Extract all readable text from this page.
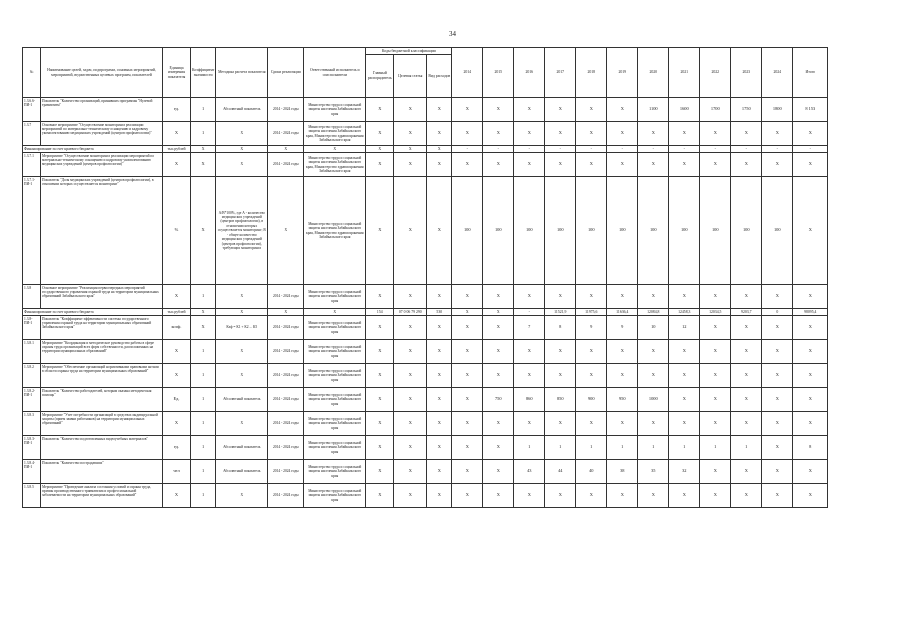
34
№	Наименование целей, задач, подпрограмм, основных мероприятий, мероприятий, ведомственных целевых программ, показателей	Единица измерения показателя	Коэффициент значимости	Методика расчета показателя	Сроки реализации	Ответственный исполнитель и соисполнители	Коды бюджетной классификации			2014	2015	2016	2017	2018	2019	2020	2021	2022	2023	2024	Итого
							Главный распорядитель	Целевая статья	Вид расходов												
1.3.6.6-ПИ-1	Показатель "Количество организаций, принявших программы "Нулевой травматизм"	ед.	1	Абсолютный показатель	2014 - 2024 годы	Министерство труда и социальной защиты населения Забайкальского края	X	X	X	X	X	X	X	X	X	1100	1600	1700	1750	1800	8 153
1.3.7	Основное мероприятие "Осуществление мониторинга реализации мероприятий по материально-техническому оснащению и кадровому укомплектованию медицинских учреждений (центров профпатологии)"	X	1	X	2014 - 2024 годы	Министерство труда и социальной защиты населения Забайкальского края, Министерство здравоохранения Забайкальского края	X	X	X	X	X	X	X	X	X	X	X	X	X	X	X
Финансирование за счет краевого бюджета		тыс.рублей	X	X	X	X	X	X	X	-	-	-	-	-	-	-	-	-	-	-	-
1.3.7.1	Мероприятие "Осуществление мониторинга реализации мероприятий по материально-техническому оснащению и кадровому укомплектованию медицинских учреждений (центров профпатологии)"	X	X	X	2014 - 2024 годы	Министерство труда и социальной защиты населения Забайкальского края, Министерство здравоохранения Забайкальского края	X	X	X	X	X	X	X	X	X	X	X	X	X	X	X
1.3.7.1-ПИ-1	Показатель "Доля медицинских учреждений (центров профпатологии), в отношении которых осуществляется мониторинг"	%	X	А/В*100%, где А - количество медицинских учреждений (центров профпатологии), в отношении которых осуществляется мониторинг; В - общее количество медицинских учреждений (центров профпатологии), требующих мониторинга	X	Министерство труда и социальной защиты населения Забайкальского края, Министерство здравоохранения Забайкальского края	X	X	X	100	100	100	100	100	100	100	100	100	100	100	X
1.3.8	Основное мероприятие "Реализация первоочередных мероприятий государственного управления охраной труда на территории муниципальных образований Забайкальского края"	X	1	X	2014 - 2024 годы	Министерство труда и социальной защиты населения Забайкальского края	X	X	X	X	X	X	X	X	X	X	X	X	X	X	X
Финансирование за счет краевого бюджета		тыс.рублей	X	X	X	X	154	07 0 06 79 290	530	X	X	-	11521,9	11975,6	11636,4	12084,8	12458,3	12034,5	9203,7	0	98095,4
1.3.8-ПИ-1	Показатель "Коэффициент эффективности системы государственного управления охраной труда на территории муниципальных образований Забайкальского края"	коэф.	X	Кэф = К1 + К2 ... К5	2014 - 2024 годы	Министерство труда и социальной защиты населения Забайкальского края	X	X	X	X	X	7	8	9	9	10	12	X	X	X	X
1.3.8.1	Мероприятие "Координация и методическое руководство работы в сфере охраны труда организаций всех форм собственности, расположенных на территории муниципальных образований"	X	1	X	2014 - 2024 годы	Министерство труда и социальной защиты населения Забайкальского края	X	X	X	X	X	X	X	X	X	X	X	X	X	X	X
1.3.8.2	Мероприятие "Обеспечение организаций нормативными правовыми актами в области охраны труда на территории муниципальных образований"	X	1	X	2014 - 2024 годы	Министерство труда и социальной защиты населения Забайкальского края	X	X	X	X	X	X	X	X	X	X	X	X	X	X	X
1.3.8.2-ПИ-1	Показатель "Количество работодателей, которым оказана методическая помощь"	Ед.	1	Абсолютный показатель	2014 - 2024 годы	Министерство труда и социальной защиты населения Забайкальского края	X	X	X	X	750	860	850	900	950	1000	X	X	X	X	X
1.3.8.3	Мероприятие "Учет потребности организаций в средствах индивидуальной защиты (прием заявки работников) на территории муниципальных образований"	X	1	X	2014 - 2024 годы	Министерство труда и социальной защиты населения Забайкальского края	X	X	X	X	X	X	X	X	X	X	X	X	X	X	X
1.3.8.3-ПИ-1	Показатель "Количество подготовленных видеоучебных материалов"	ед.	1	Абсолютный показатель	2014 - 2024 годы	Министерство труда и социальной защиты населения Забайкальского края	X	X	X	X	X	1	1	1	1	1	1	1	1	X	8
1.3.8.4-ПИ-1	Показатель "Количество пострадавших"	чел	1	Абсолютный показатель	2014 - 2024 годы	Министерство труда и социальной защиты населения Забайкальского края	X	X	X	X	X	43	44	40	38	35	32	X	X	X	X
1.3.8.5	Мероприятие "Проведение анализа состояния условий и охраны труда, причин производственного травматизма и профессиональной заболеваемости на территории муниципальных образований"	X	1	X	2014 - 2024 годы	Министерство труда и социальной защиты населения Забайкальского края	X	X	X	X	X	X	X	X	X	X	X	X	X	X	X
